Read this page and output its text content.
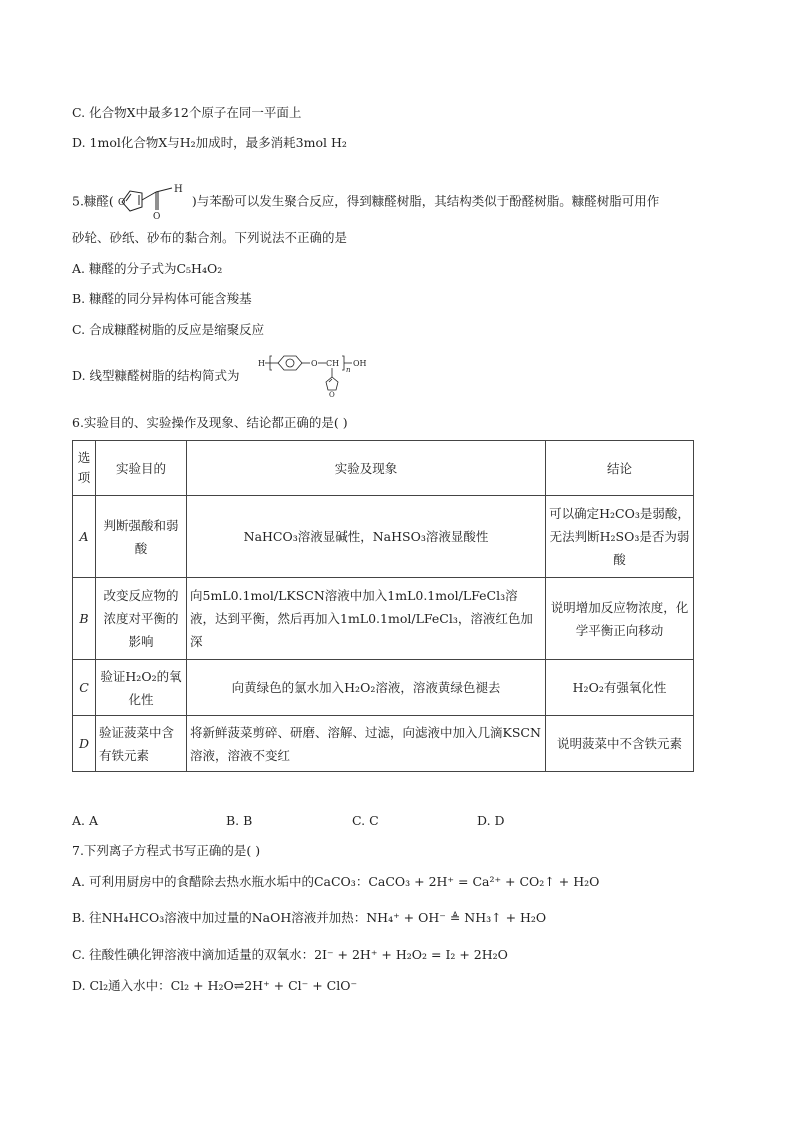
C. 化合物X中最多12个原子在同一平面上
D. 1mol化合物X与H₂加成时，最多消耗3mol H₂
5.糠醛( O
O
H
)与苯酚可以发生聚合反应，得到糠醛树脂，其结构类似于酚醛树脂。糠醛树脂可用作
砂轮、砂纸、砂布的黏合剂。下列说法不正确的是
A. 糠醛的分子式为C₅H₄O₂
B. 糠醛的同分异构体可能含羧基
C. 合成糠醛树脂的反应是缩聚反应
D. 线型糠醛树脂的结构简式为
H	O CH
n
OH
O
6.实验目的、实验操作及现象、结论都正确的是( )
选项	实验目的	实验及现象	结论
A	判断强酸和弱酸	NaHCO₃溶液显碱性，NaHSO₃溶液显酸性	可以确定H₂CO₃是弱酸，无法判断H₂SO₃是否为弱酸
B	改变反应物的浓度对平衡的影响	向5mL0.1mol/LKSCN溶液中加入1mL0.1mol/LFeCl₃溶液，达到平衡，然后再加入1mL0.1mol/LFeCl₃，溶液红色加深	说明增加反应物浓度，化学平衡正向移动
C	验证H₂O₂的氧化性	向黄绿色的氯水加入H₂O₂溶液，溶液黄绿色褪去	H₂O₂有强氧化性
D	验证菠菜中含有铁元素	将新鲜菠菜剪碎、研磨、溶解、过滤，向滤液中加入几滴KSCN溶液，溶液不变红	说明菠菜中不含铁元素
A. A	B. B	C. C	D. D
7.下列离子方程式书写正确的是( )
A. 可利用厨房中的食醋除去热水瓶水垢中的CaCO₃：CaCO₃ + 2H⁺ = Ca²⁺ + CO₂↑ + H₂O
B. 往NH₄HCO₃溶液中加过量的NaOH溶液并加热：NH₄⁺ + OH⁻ ≜ NH₃↑ + H₂O
C. 往酸性碘化钾溶液中滴加适量的双氧水：2I⁻ + 2H⁺ + H₂O₂ = I₂ + 2H₂O
D. Cl₂通入水中：Cl₂ + H₂O⇌2H⁺ + Cl⁻ + ClO⁻
